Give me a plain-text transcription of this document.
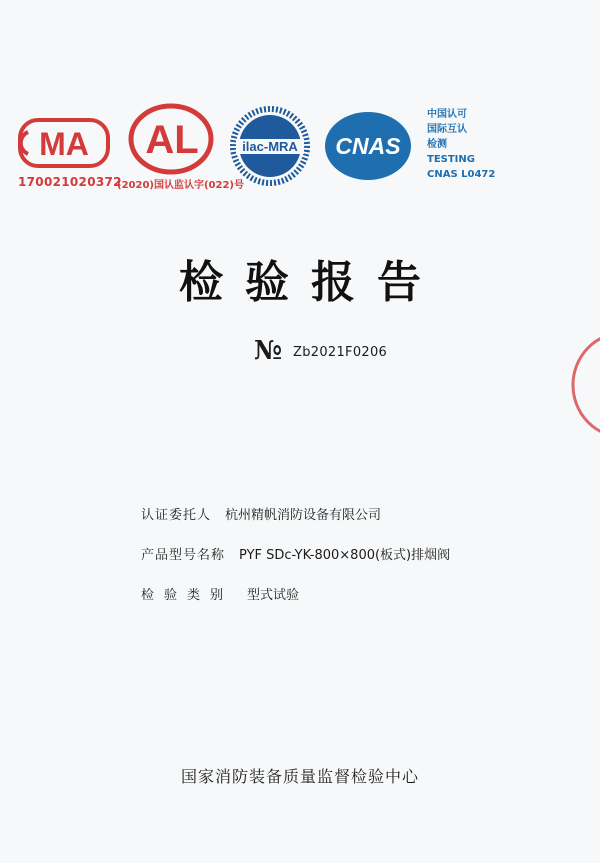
MA
170021020372
AL
(2020)国认监认字(022)号
ilac-MRA CNAS
中国认可
国际互认
检测
TESTING
CNAS L0472
检验报告
№ Zb2021F0206
认证委托人 杭州精帆消防设备有限公司
产品型号名称 PYF SDc-YK-800×800(板式)排烟阀
检验类别 型式试验
国家消防装备质量监督检验中心
